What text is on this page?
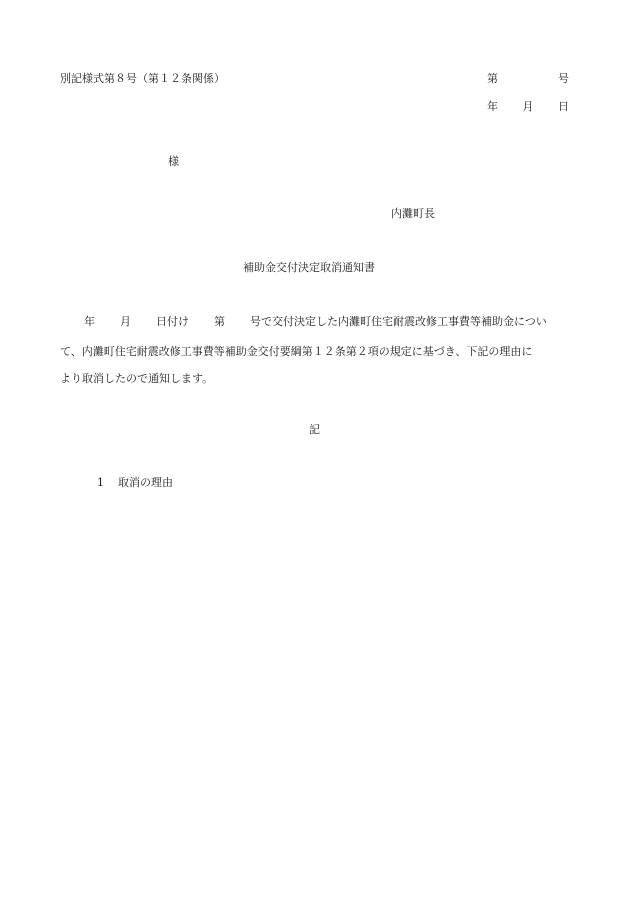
別記様式第８号（第１２条関係）	第	号
年 月 日
様
内灘町長
補助金交付決定取消通知書
年 月 日付け 第 号で交付決定した内灘町住宅耐震改修工事費等補助金につい
て、内灘町住宅耐震改修工事費等補助金交付要綱第１２条第２項の規定に基づき、下記の理由に
より取消したので通知します。
記
1 取消の理由
